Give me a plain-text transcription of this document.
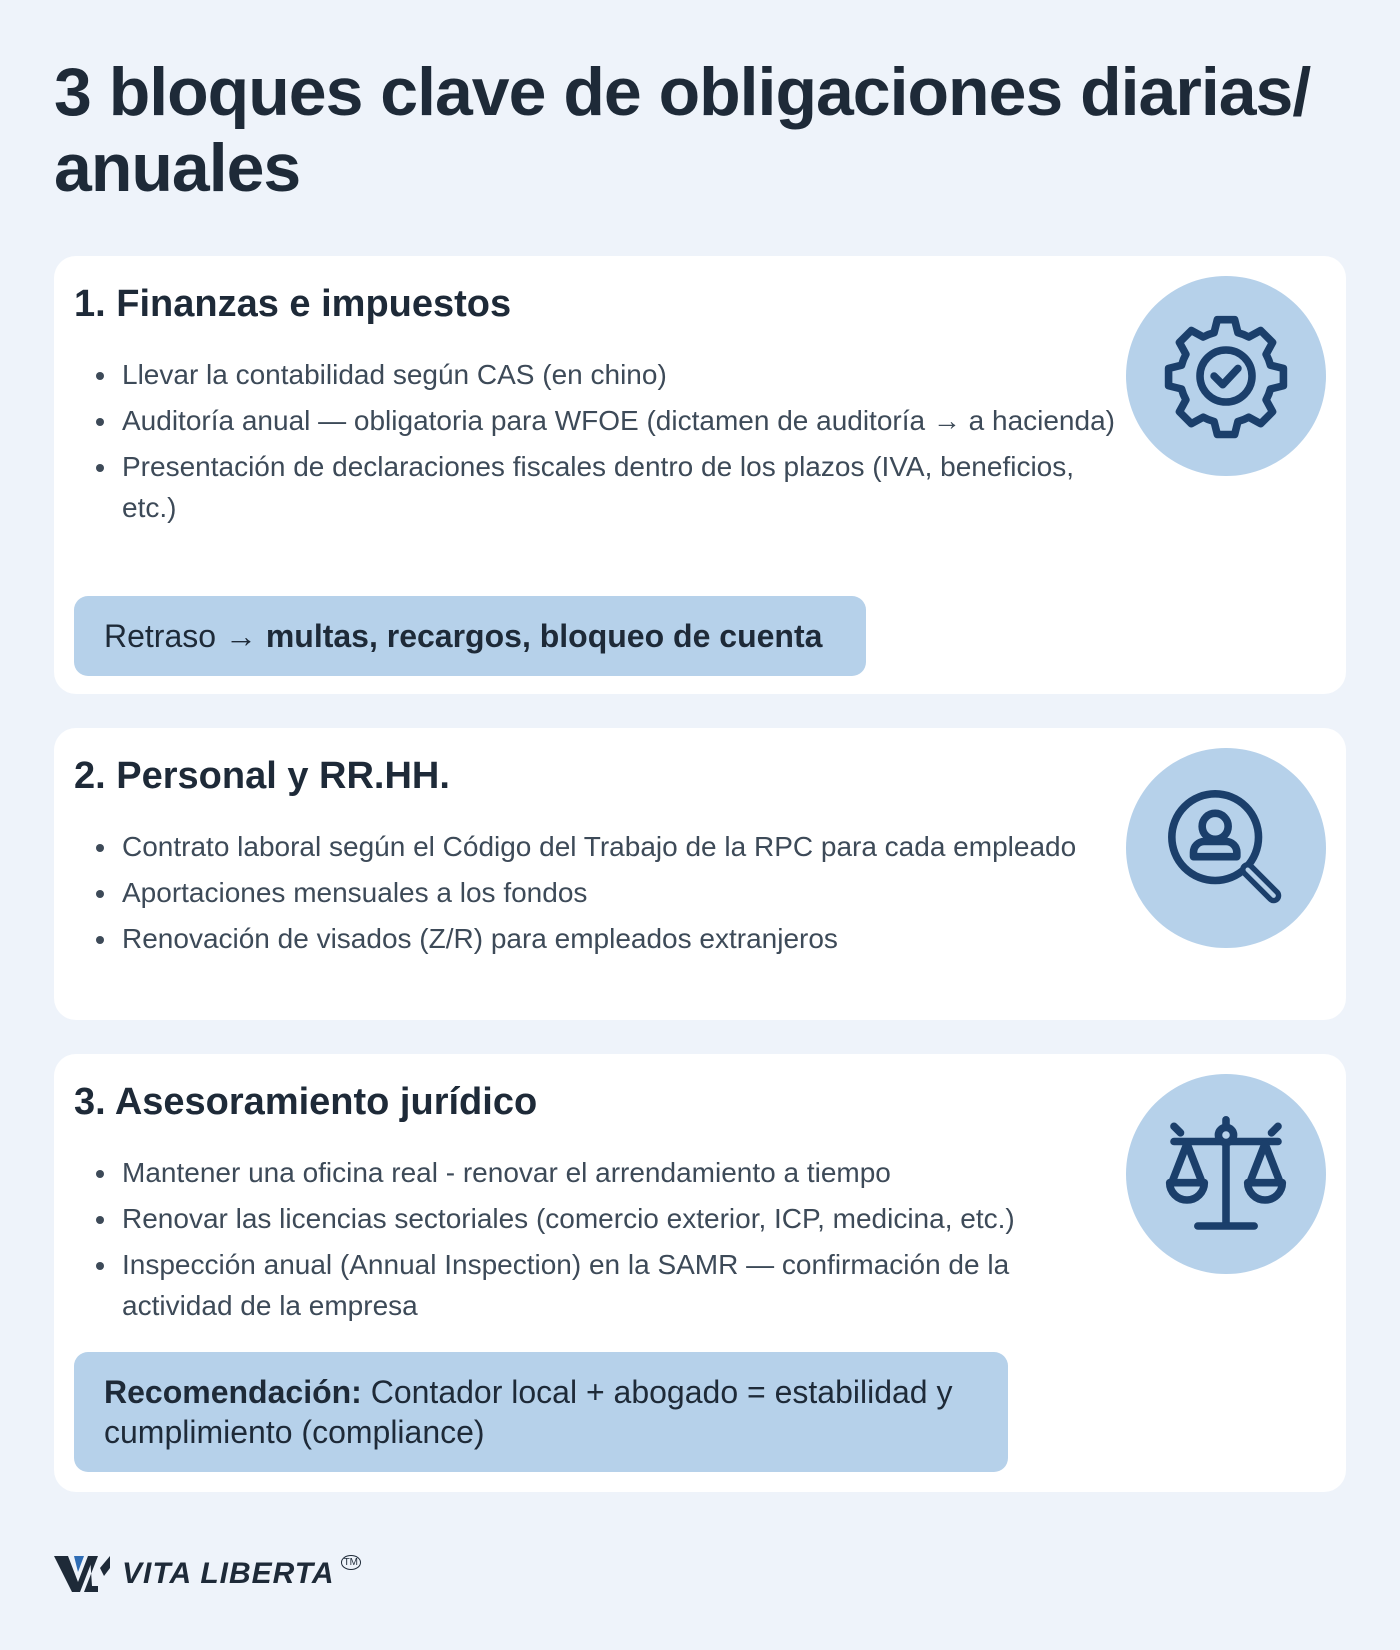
3 bloques clave de obligaciones diarias/ anuales
1. Finanzas e impuestos
Llevar la contabilidad según CAS (en chino)
Auditoría anual — obligatoria para WFOE (dictamen de auditoría → a hacienda)
Presentación de declaraciones fiscales dentro de los plazos (IVA, beneficios, etc.)
Retraso → multas, recargos, bloqueo de cuenta
2. Personal y RR.HH.
Contrato laboral según el Código del Trabajo de la RPC para cada empleado
Aportaciones mensuales a los fondos
Renovación de visados (Z/R) para empleados extranjeros
3. Asesoramiento jurídico
Mantener una oficina real - renovar el arrendamiento a tiempo
Renovar las licencias sectoriales (comercio exterior, ICP, medicina, etc.)
Inspección anual (Annual Inspection) en la SAMR — confirmación de la actividad de la empresa
Recomendación: Contador local + abogado = estabilidad y cumplimiento (compliance)
VITA LIBERTA TM
